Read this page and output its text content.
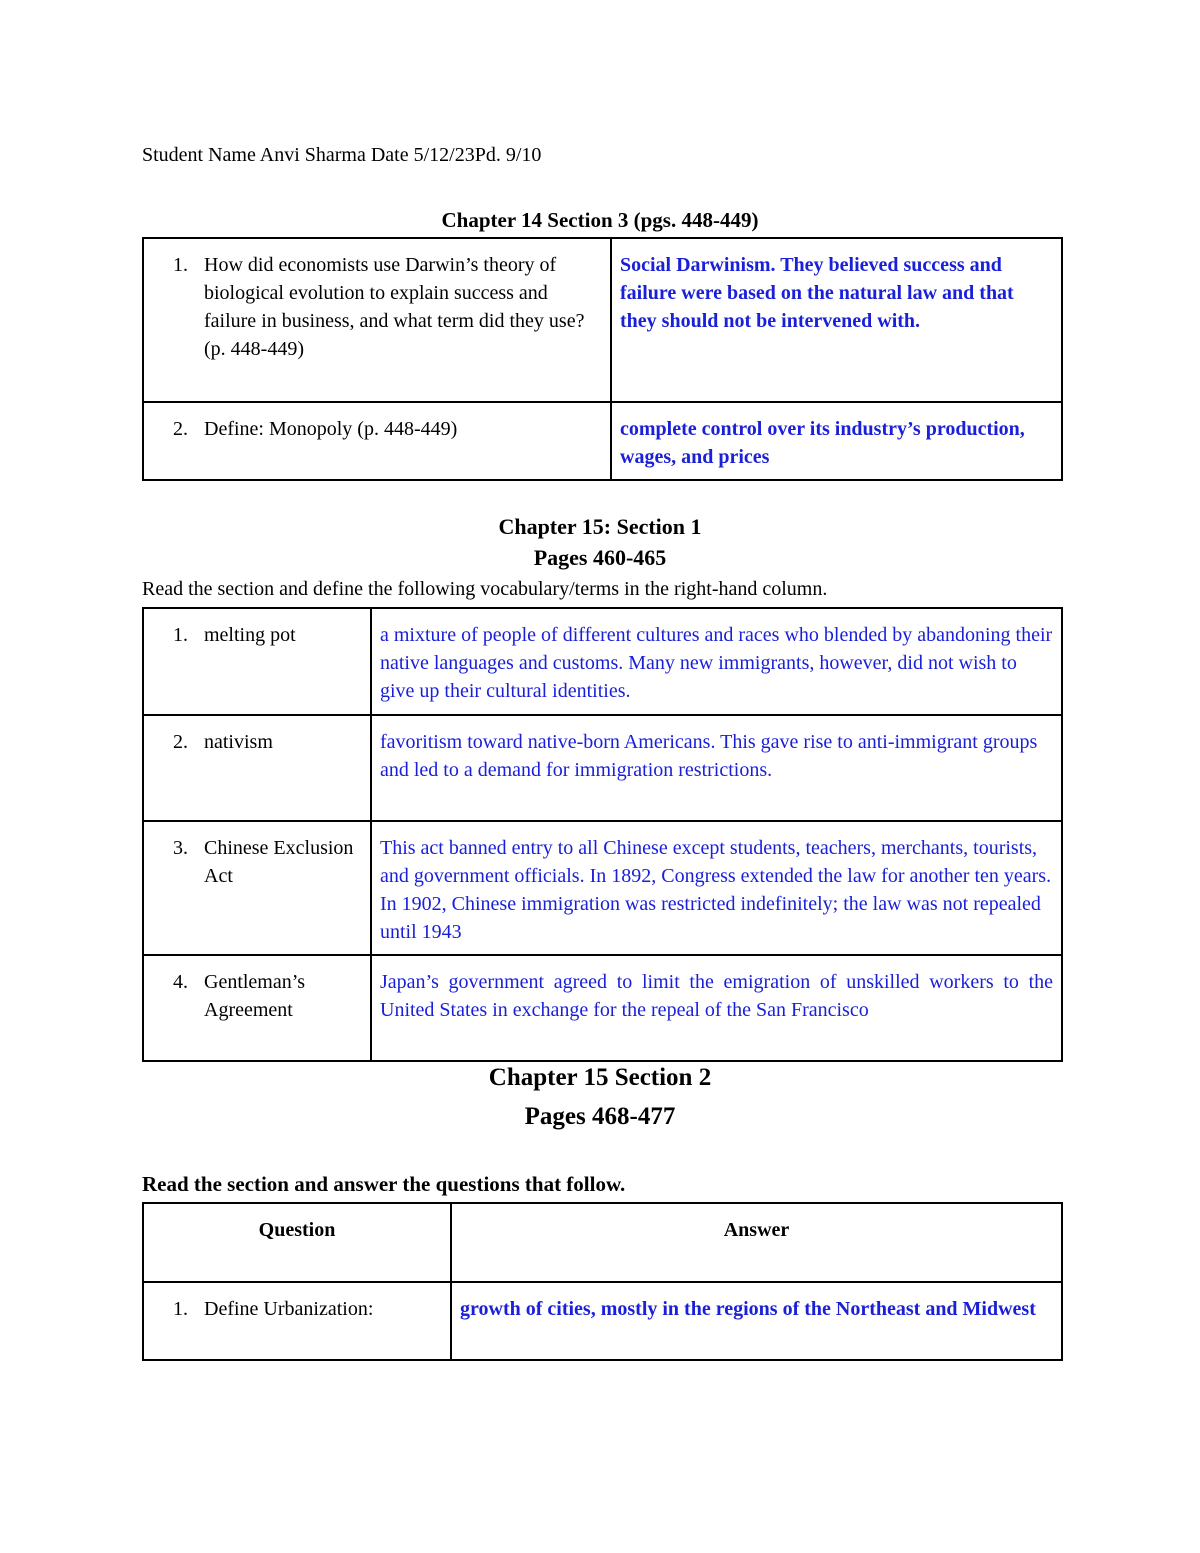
Student Name Anvi Sharma Date 5/12/23Pd. 9/10
Chapter 14 Section 3 (pgs. 448-449)
1. How did economists use Darwin’s theory of biological evolution to explain success and failure in business, and what term did they use? (p. 448-449)	Social Darwinism. They believed success and failure were based on the natural law and that they should not be intervened with.

2. Define: Monopoly (p. 448-449)	complete control over its industry’s production, wages, and prices
Chapter 15: Section 1
Pages 460-465
Read the section and define the following vocabulary/terms in the right-hand column.
1. melting pot	a mixture of people of different cultures and races who blended by abandoning their native languages and customs. Many new immigrants, however, did not wish to give up their cultural identities.

2. nativism	favoritism toward native-born Americans. This gave rise to anti-immigrant groups and led to a demand for immigration restrictions.

3. Chinese Exclusion Act	This act banned entry to all Chinese except students, teachers, merchants, tourists, and government officials. In 1892, Congress extended the law for another ten years. In 1902, Chinese immigration was restricted indefinitely; the law was not repealed until 1943

4. Gentleman’s Agreement	Japan’s government agreed to limit the emigration of unskilled workers to the United States in exchange for the repeal of the San Francisco
Chapter 15 Section 2
Pages 468-477
Read the section and answer the questions that follow.
Question	Answer

1. Define Urbanization:	growth of cities, mostly in the regions of the Northeast and Midwest
